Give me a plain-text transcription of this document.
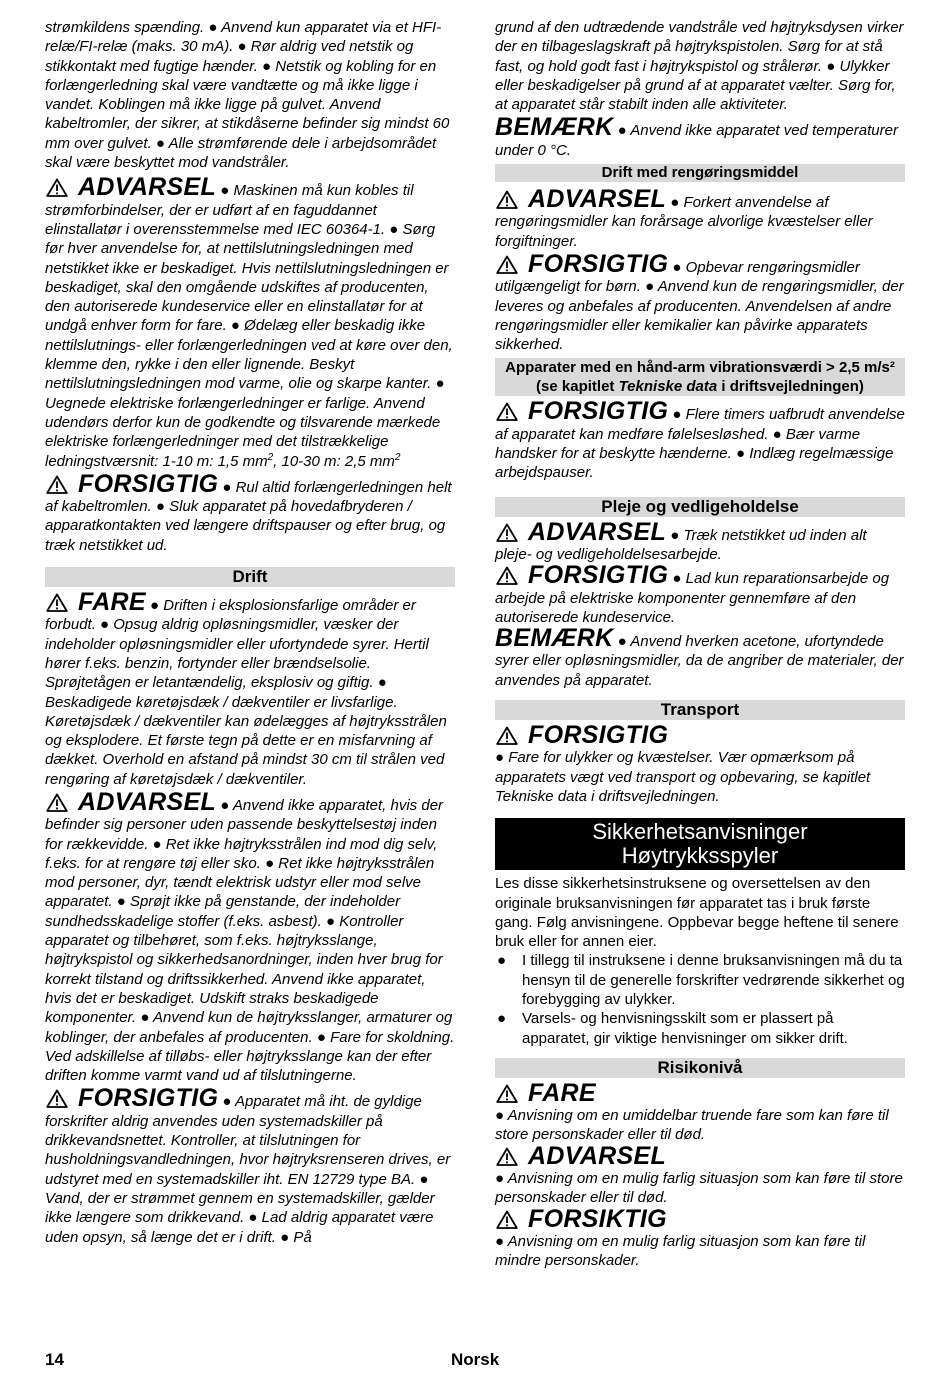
strømkildens spænding. ● Anvend kun apparatet via et HFI-relæ/FI-relæ (maks. 30 mA). ● Rør aldrig ved netstik og stikkontakt med fugtige hænder. ● Netstik og kobling for en forlængerledning skal være vandtætte og må ikke ligge i vandet. Koblingen må ikke ligge på gulvet. Anvend kabeltromler, der sikrer, at stikdåserne befinder sig mindst 60 mm over gulvet. ● Alle strømførende dele i arbejdsområdet skal være beskyttet mod vandstråler.

ADVARSEL ● Maskinen må kun kobles til strømforbindelser, der er udført af en faguddannet elinstallatør i overensstemmelse med IEC 60364-1. ● Sørg før hver anvendelse for, at nettilslutningsledningen med netstikket ikke er beskadiget. Hvis nettilslutningsledningen er beskadiget, skal den omgående udskiftes af producenten, den autoriserede kundeservice eller en elinstallatør for at undgå enhver form for fare. ● Ødelæg eller beskadig ikke nettilslutnings- eller forlængerledningen ved at køre over den, klemme den, rykke i den eller lignende. Beskyt nettilslutningsledningen mod varme, olie og skarpe kanter. ● Uegnede elektriske forlængerledninger er farlige. Anvend udendørs derfor kun de godkendte og tilsvarende mærkede elektriske forlængerledninger med det tilstrækkelige ledningstværsnit: 1-10 m: 1,5 $mm^2$, 10-30 m: 2,5 $mm^2$

FORSIGTIG ● Rul altid forlængerledningen helt af kabeltromlen. ● Sluk apparatet på hovedafbryderen / apparatkontakten ved længere driftspauser og efter brug, og træk netstikket ud.

Drift

FARE ● Driften i eksplosionsfarlige områder er forbudt. ● Opsug aldrig opløsningsmidler, væsker der indeholder opløsningsmidler eller ufortyndede syrer. Hertil hører f.eks. benzin, fortynder eller brændselsolie. Sprøjtetågen er letantændelig, eksplosiv og giftig. ● Beskadigede køretøjsdæk / dækventiler er livsfarlige. Køretøjsdæk / dækventiler kan ødelægges af højtryksstrålen og eksplodere. Et første tegn på dette er en misfarvning af dækket. Overhold en afstand på mindst 30 cm til strålen ved rengøring af køretøjsdæk / dækventiler.

ADVARSEL ● Anvend ikke apparatet, hvis der befinder sig personer uden passende beskyttelsestøj inden for rækkevidde. ● Ret ikke højtryksstrålen ind mod dig selv, f.eks. for at rengøre tøj eller sko. ● Ret ikke højtryksstrålen mod personer, dyr, tændt elektrisk udstyr eller mod selve apparatet. ● Sprøjt ikke på genstande, der indeholder sundhedsskadelige stoffer (f.eks. asbest). ● Kontroller apparatet og tilbehøret, som f.eks. højtryksslange, højtrykspistol og sikkerhedsanordninger, inden hver brug for korrekt tilstand og driftssikkerhed. Anvend ikke apparatet, hvis det er beskadiget. Udskift straks beskadigede komponenter. ● Anvend kun de højtryksslanger, armaturer og koblinger, der anbefales af producenten. ● Fare for skoldning. Ved adskillelse af tilløbs- eller højtryksslange kan der efter driften komme varmt vand ud af tilslutningerne.

FORSIGTIG ● Apparatet må iht. de gyldige forskrifter aldrig anvendes uden systemadskiller på drikkevandsnettet. Kontroller, at tilslutningen for husholdningsvandledningen, hvor højtryksrenseren drives, er udstyret med en systemadskiller iht. EN 12729 type BA. ● Vand, der er strømmet gennem en systemadskiller, gælder ikke længere som drikkevand. ● Lad aldrig apparatet være uden opsyn, så længe det er i drift. ● På

grund af den udtrædende vandstråle ved højtryksdysen virker der en tilbageslagskraft på højtrykspistolen. Sørg for at stå fast, og hold godt fast i højtrykspistol og strålerør. ● Ulykker eller beskadigelser på grund af at apparatet vælter. Sørg for, at apparatet står stabilt inden alle aktiviteter.

BEMÆRK ● Anvend ikke apparatet ved temperaturer under 0 °C.

Drift med rengøringsmiddel

ADVARSEL ● Forkert anvendelse af rengøringsmidler kan forårsage alvorlige kvæstelser eller forgiftninger.

FORSIGTIG ● Opbevar rengøringsmidler utilgængeligt for børn. ● Anvend kun de rengøringsmidler, der leveres og anbefales af producenten. Anvendelsen af andre rengøringsmidler eller kemikalier kan påvirke apparatets sikkerhed.

Apparater med en hånd-arm vibrationsværdi > 2,5 m/s² (se kapitlet Tekniske data i driftsvejledningen)

FORSIGTIG ● Flere timers uafbrudt anvendelse af apparatet kan medføre følelsesløshed. ● Bær varme handsker for at beskytte hænderne. ● Indlæg regelmæssige arbejdspauser.

Pleje og vedligeholdelse

ADVARSEL ● Træk netstikket ud inden alt pleje- og vedligeholdelsesarbejde.

FORSIGTIG ● Lad kun reparationsarbejde og arbejde på elektriske komponenter gennemføre af den autoriserede kundeservice.

BEMÆRK ● Anvend hverken acetone, ufortyndede syrer eller opløsningsmidler, da de angriber de materialer, der anvendes på apparatet.

Transport

FORSIGTIG

● Fare for ulykker og kvæstelser. Vær opmærksom på apparatets vægt ved transport og opbevaring, se kapitlet Tekniske data i driftsvejledningen.

Sikkerhetsanvisninger
Høytrykksspyler

Les disse sikkerhetsinstruksene og oversettelsen av den originale bruksanvisningen før apparatet tas i bruk første gang. Følg anvisningene. Oppbevar begge heftene til senere bruk eller for annen eier.

● I tillegg til instruksene i denne bruksanvisningen må du ta hensyn til de generelle forskrifter vedrørende sikkerhet og forebygging av ulykker.
● Varsels- og henvisningsskilt som er plassert på apparatet, gir viktige henvisninger om sikker drift.
Risikonivå

FARE

● Anvisning om en umiddelbar truende fare som kan føre til store personskader eller til død.

ADVARSEL

● Anvisning om en mulig farlig situasjon som kan føre til store personskader eller til død.

FORSIKTIG

● Anvisning om en mulig farlig situasjon som kan føre til mindre personskader.

14	Norsk
